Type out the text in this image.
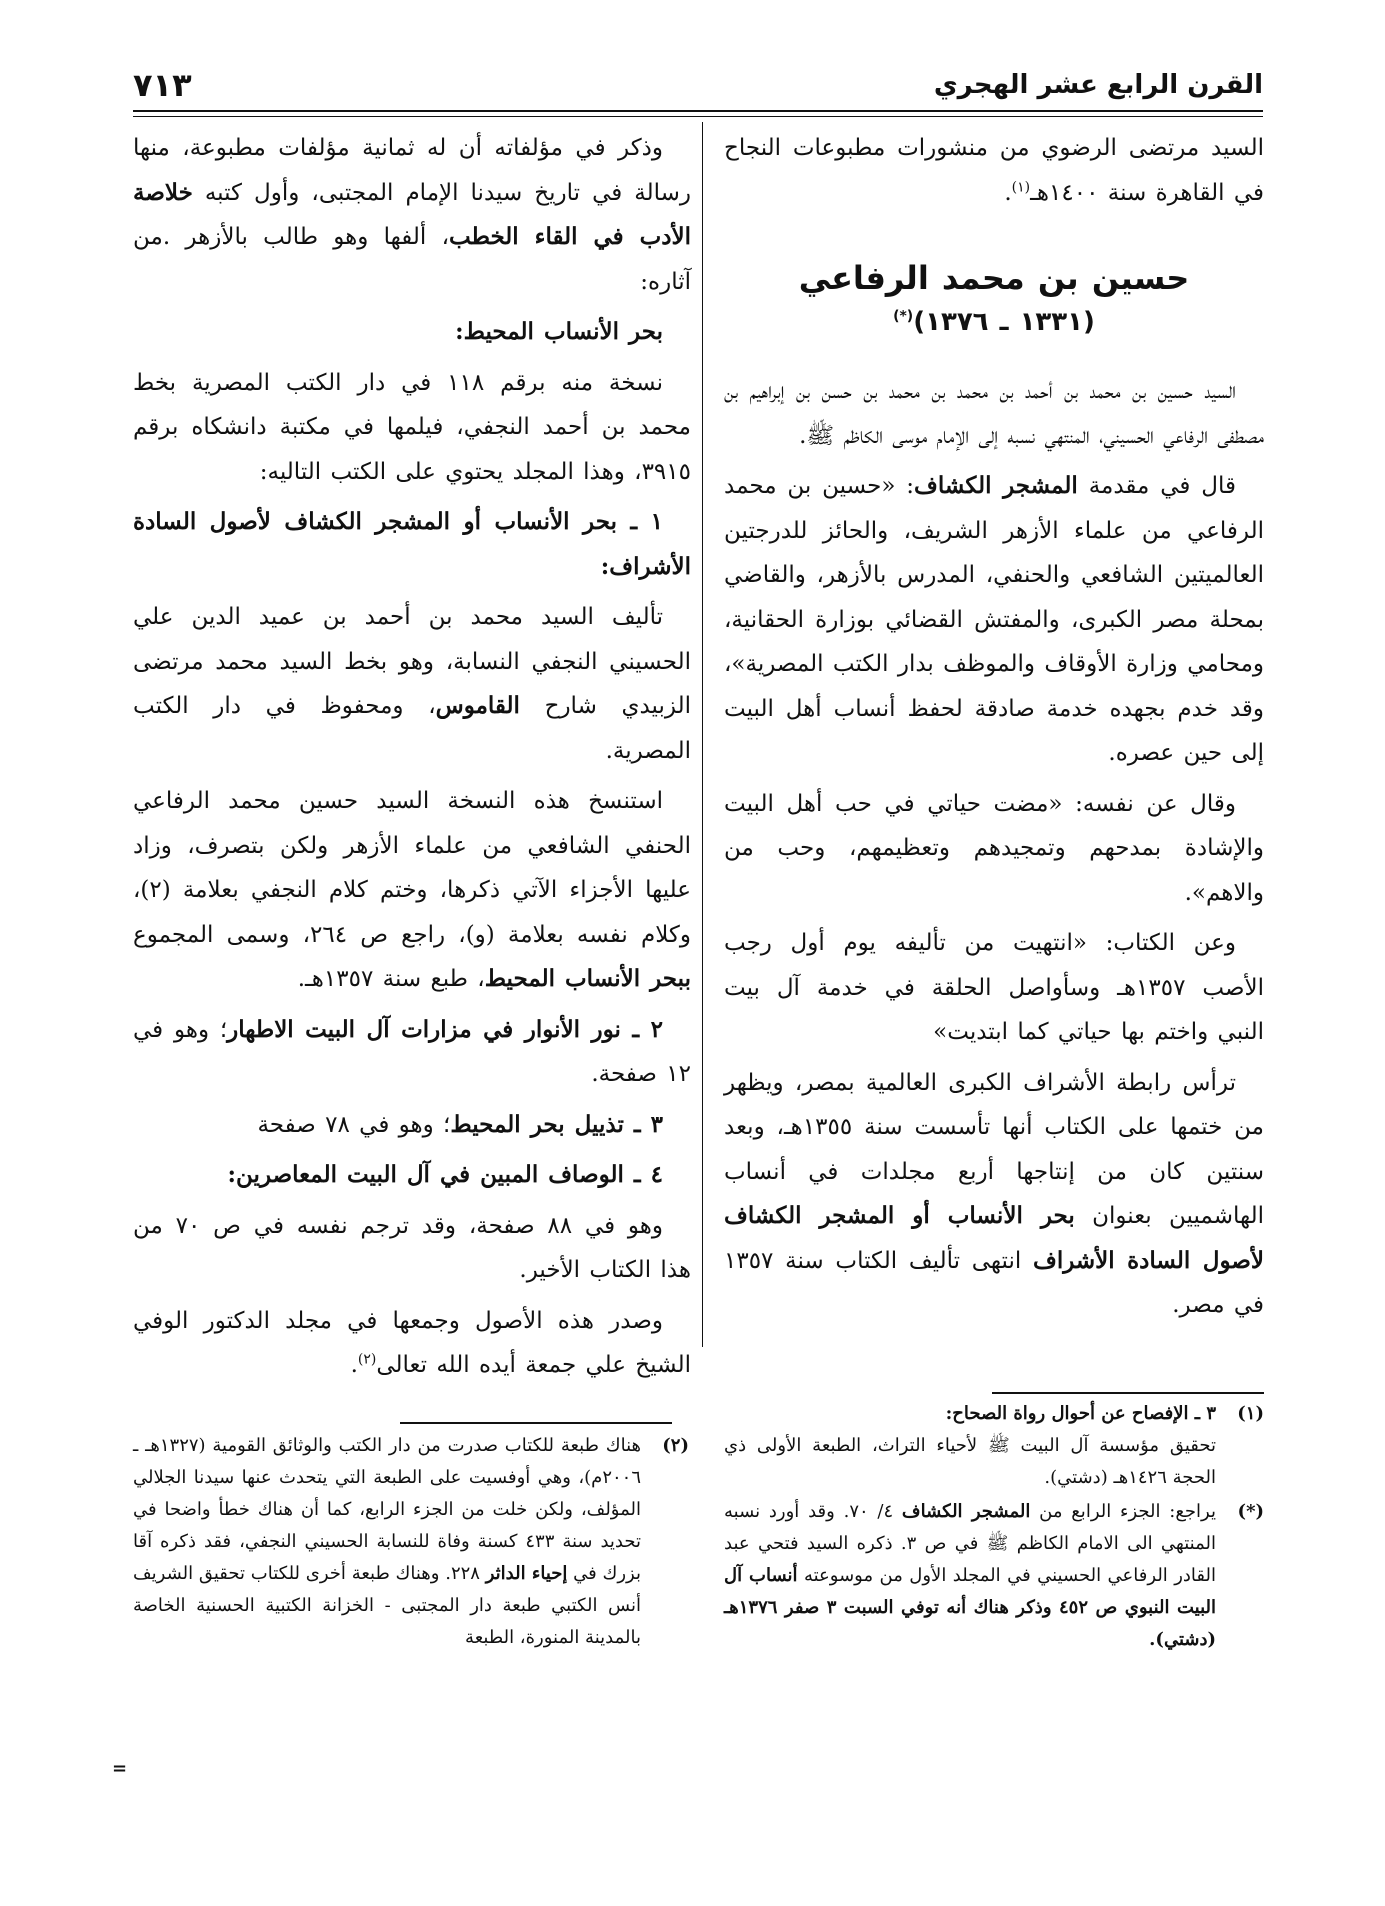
القرن الرابع عشر الهجري
٧١٣

السيد مرتضى الرضوي من منشورات مطبوعات النجاح في القاهرة سنة ١٤٠٠هـ$^{(١)}$.

حسين بن محمد الرفاعي
(١٣٣١ ـ ١٣٧٦)(*)

السيد حسين بن محمد بن أحمد بن محمد بن محمد بن حسن بن إبراهيم بن مصطفى الرفاعي الحسيني، المنتهي نسبه إلى الإمام موسى الكاظم ﷺ.

قال في مقدمة المشجر الكشاف: «حسين بن محمد الرفاعي من علماء الأزهر الشريف، والحائز للدرجتين العالميتين الشافعي والحنفي، المدرس بالأزهر، والقاضي بمحلة مصر الكبرى، والمفتش القضائي بوزارة الحقانية، ومحامي وزارة الأوقاف والموظف بدار الكتب المصرية»، وقد خدم بجهده خدمة صادقة لحفظ أنساب أهل البيت إلى حين عصره.

وقال عن نفسه: «مضت حياتي في حب أهل البيت والإشادة بمدحهم وتمجيدهم وتعظيمهم، وحب من والاهم».

وعن الكتاب: «انتهيت من تأليفه يوم أول رجب الأصب ١٣٥٧هـ وسأواصل الحلقة في خدمة آل بيت النبي واختم بها حياتي كما ابتديت»

ترأس رابطة الأشراف الكبرى العالمية بمصر، ويظهر من ختمها على الكتاب أنها تأسست سنة ١٣٥٥هـ، وبعد سنتين كان من إنتاجها أربع مجلدات في أنساب الهاشميين بعنوان بحر الأنساب أو المشجر الكشاف لأصول السادة الأشراف انتهى تأليف الكتاب سنة ١٣٥٧ في مصر.

وذكر في مؤلفاته أن له ثمانية مؤلفات مطبوعة، منها رسالة في تاريخ سيدنا الإمام المجتبى، وأول كتبه خلاصة الأدب في القاء الخطب، ألفها وهو طالب بالأزهر .من آثاره:

بحر الأنساب المحيط:

نسخة منه برقم ١١٨ في دار الكتب المصرية بخط محمد بن أحمد النجفي، فيلمها في مكتبة دانشكاه برقم ٣٩١٥، وهذا المجلد يحتوي على الكتب التاليه:

١ ـ بحر الأنساب أو المشجر الكشاف لأصول السادة الأشراف:

تأليف السيد محمد بن أحمد بن عميد الدين علي الحسيني النجفي النسابة، وهو بخط السيد محمد مرتضى الزبيدي شارح القاموس، ومحفوظ في دار الكتب المصرية.

استنسخ هذه النسخة السيد حسين محمد الرفاعي الحنفي الشافعي من علماء الأزهر ولكن بتصرف، وزاد عليها الأجزاء الآتي ذكرها، وختم كلام النجفي بعلامة (٢)، وكلام نفسه بعلامة (و)، راجع ص ٢٦٤، وسمى المجموع ببحر الأنساب المحيط، طبع سنة ١٣٥٧هـ.

٢ ـ نور الأنوار في مزارات آل البيت الاطهار؛ وهو في ١٢ صفحة.

٣ ـ تذييل بحر المحيط؛ وهو في ٧٨ صفحة

٤ ـ الوصاف المبين في آل البيت المعاصرين:

وهو في ٨٨ صفحة، وقد ترجم نفسه في ص ٧٠ من هذا الكتاب الأخير.

وصدر هذه الأصول وجمعها في مجلد الدكتور الوفي الشيخ علي جمعة أيده الله تعالى$^{(٢)}$.

(١)
٣ ـ الإفصاح عن أحوال رواة الصحاح:
تحقيق مؤسسة آل البيت ﷺ لأحياء التراث، الطبعة الأولى ذي الحجة ١٤٢٦هـ (دشتي).
(*)
يراجع: الجزء الرابع من المشجر الكشاف ٤/ ٧٠. وقد أورد نسبه المنتهي الى الامام الكاظم ﷺ في ص ٣. ذكره السيد فتحي عبد القادر الرفاعي الحسيني في المجلد الأول من موسوعته أنساب آل البيت النبوي ص ٤٥٢ وذكر هناك أنه توفي السبت ٣ صفر ١٣٧٦هـ (دشتي).
(٢)
هناك طبعة للكتاب صدرت من دار الكتب والوثائق القومية (١٣٢٧هـ ـ ٢٠٠٦م)، وهي أوفسيت على الطبعة التي يتحدث عنها سيدنا الجلالي المؤلف، ولكن خلت من الجزء الرابع، كما أن هناك خطأ واضحا في تحديد سنة ٤٣٣ كسنة وفاة للنسابة الحسيني النجفي، فقد ذكره آقا بزرك في إحياء الداثر ٢٢٨. وهناك طبعة أخرى للكتاب تحقيق الشريف أنس الكتبي طبعة دار المجتبى - الخزانة الكتبية الحسنية الخاصة بالمدينة المنورة، الطبعة
=
